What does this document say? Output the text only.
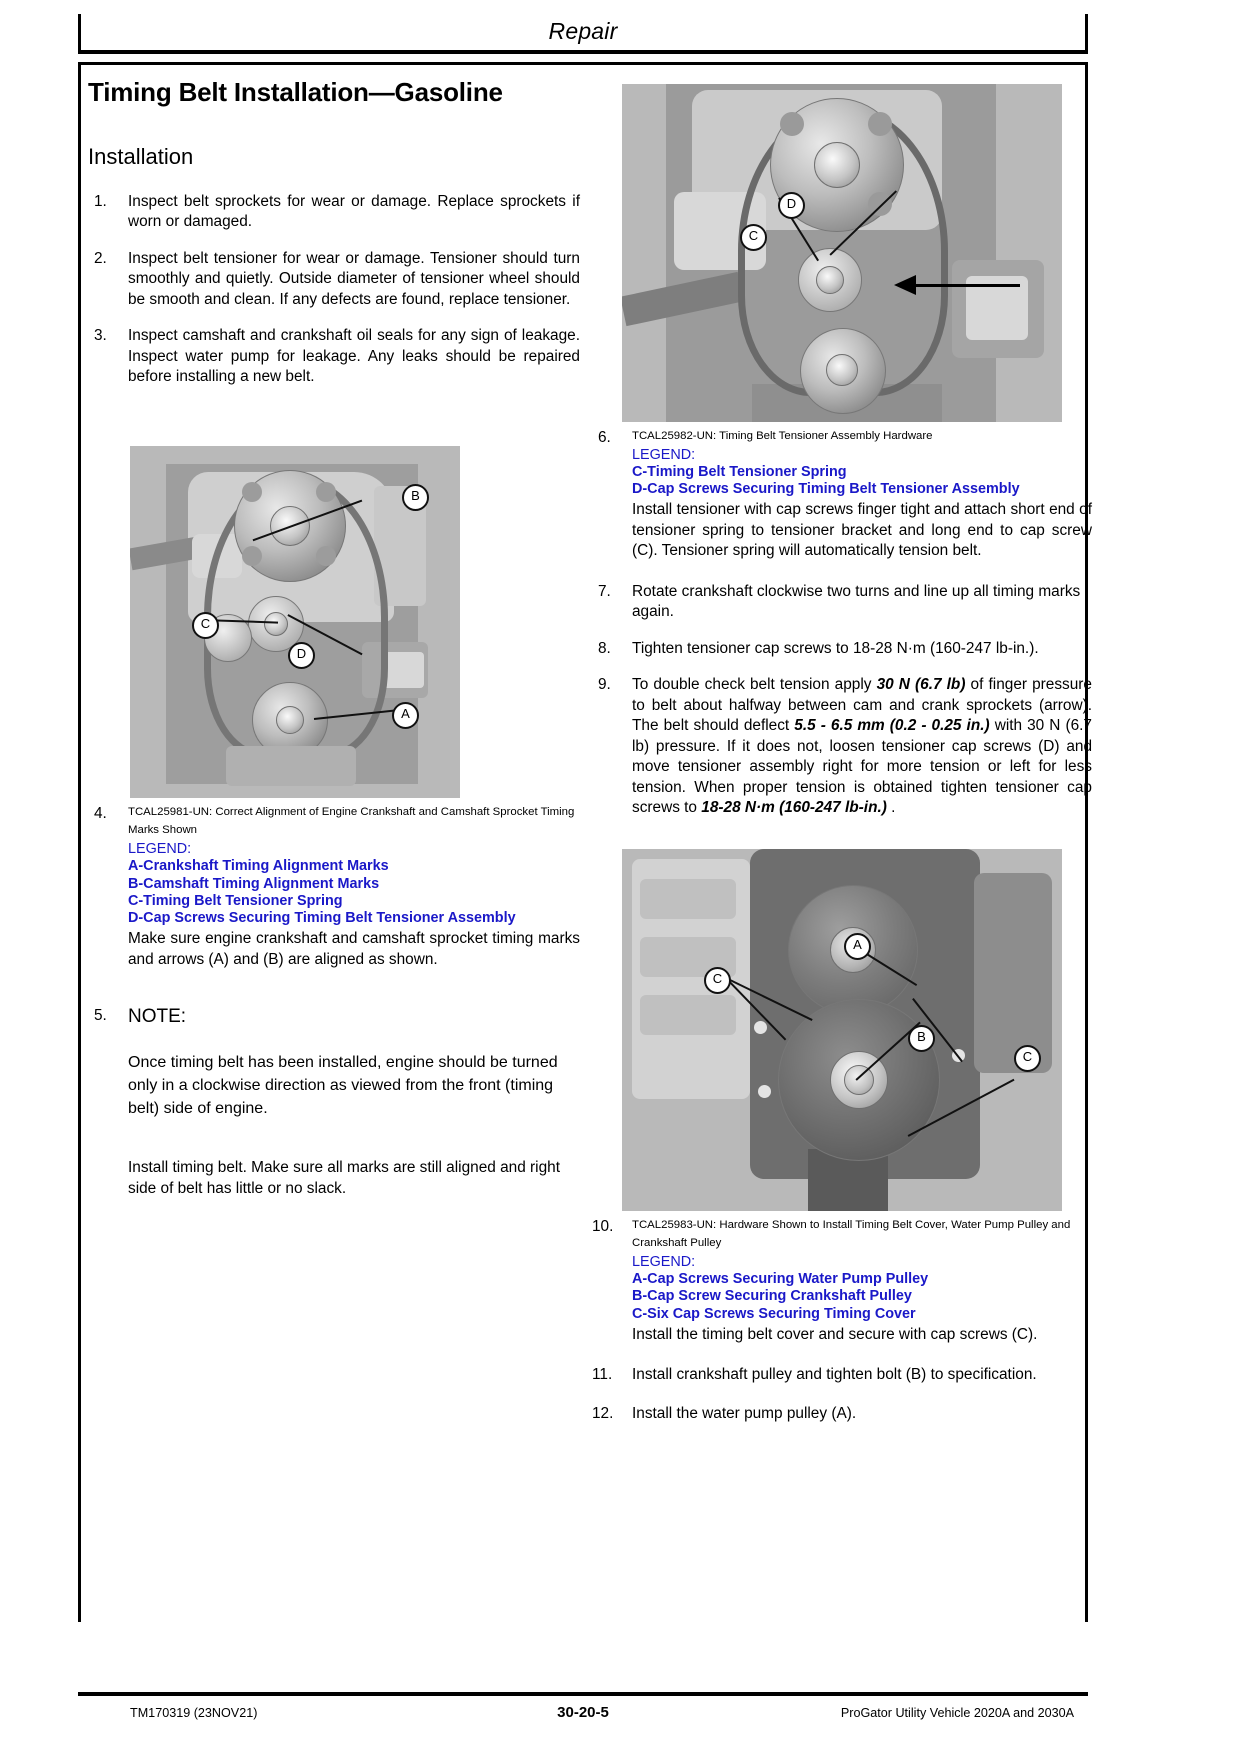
Repair
Timing Belt Installation—Gasoline
Installation
1.	Inspect belt sprockets for wear or damage. Replace sprockets if worn or damaged.
2.	Inspect belt tensioner for wear or damage. Tensioner should turn smoothly and quietly. Outside diameter of tensioner wheel should be smooth and clean. If any defects are found, replace tensioner.
3.	Inspect camshaft and crankshaft oil seals for any sign of leakage. Inspect water pump for leakage. Any leaks should be repaired before installing a new belt.
B
C
D
A
4. TCAL25981-UN: Correct Alignment of Engine Crankshaft and Camshaft Sprocket Timing
Marks Shown
LEGEND:
A-Crankshaft Timing Alignment Marks
B-Camshaft Timing Alignment Marks
C-Timing Belt Tensioner Spring
D-Cap Screws Securing Timing Belt Tensioner Assembly
Make sure engine crankshaft and camshaft sprocket timing marks and arrows (A) and (B) are aligned as shown.
5. NOTE:
Once timing belt has been installed, engine should be turned only in a clockwise direction as viewed from the front (timing belt) side of engine.
Install timing belt. Make sure all marks are still aligned and right side of belt has little or no slack.
D
C
6. TCAL25982-UN: Timing Belt Tensioner Assembly Hardware
LEGEND:
C-Timing Belt Tensioner Spring
D-Cap Screws Securing Timing Belt Tensioner Assembly
Install tensioner with cap screws finger tight and attach short end of tensioner spring to tensioner bracket and long end to cap screw (C). Tensioner spring will automatically tension belt.
7.	Rotate crankshaft clockwise two turns and line up all timing marks again.
8.	Tighten tensioner cap screws to 18-28 N·m (160-247 lb-in.).
9.	To double check belt tension apply 30 N (6.7 lb) of finger pressure to belt about halfway between cam and crank sprockets (arrow). The belt should deflect 5.5 - 6.5 mm (0.2 - 0.25 in.) with 30 N (6.7 lb) pressure. If it does not, loosen tensioner cap screws (D) and move tensioner assembly right for more tension or left for less tension. When proper tension is obtained tighten tensioner cap screws to 18-28 N·m (160-247 lb-in.) .
C
A
B
C
10. TCAL25983-UN: Hardware Shown to Install Timing Belt Cover, Water Pump Pulley and
Crankshaft Pulley
LEGEND:
A-Cap Screws Securing Water Pump Pulley
B-Cap Screw Securing Crankshaft Pulley
C-Six Cap Screws Securing Timing Cover
Install the timing belt cover and secure with cap screws (C).
11.	Install crankshaft pulley and tighten bolt (B) to specification.
12.	Install the water pump pulley (A).
TM170319 (23NOV21)	30-20-5	ProGator Utility Vehicle 2020A and 2030A
